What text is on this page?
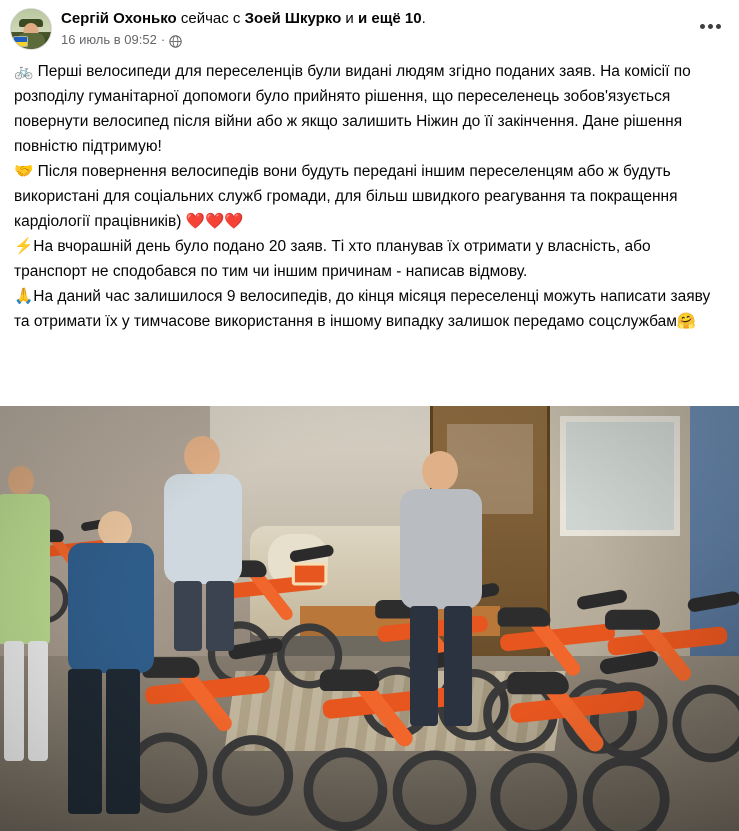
Сергій Охонько сейчас с Зоей Шкурко и и ещё 10.
16 июль в 09:52 ·

🚲 Перші велосипеди для переселенців були видані людям згідно поданих заяв. На комісії по розподілу гуманітарної допомоги було прийнято рішення, що переселенець зобов'язується повернути велосипед після війни або ж якщо залишить Ніжин до її закінчення. Дане рішення повністю підтримую!

🤝 Після повернення велосипедів вони будуть передані іншим переселенцям або ж будуть використані для соціальних служб громади, для більш швидкого реагування та покращення кардіології працівників) ❤️❤️❤️

⚡На вчорашній день було подано 20 заяв. Ті хто планував їх отримати у власність, або транспорт не сподобався по тим чи іншим причинам - написав відмову.

🙏На даний час залишилося 9 велосипедів, до кінця місяця переселенці можуть написати заяву та отримати їх у тимчасове використання в іншому випадку залишок передамо соцслужбам🤗
